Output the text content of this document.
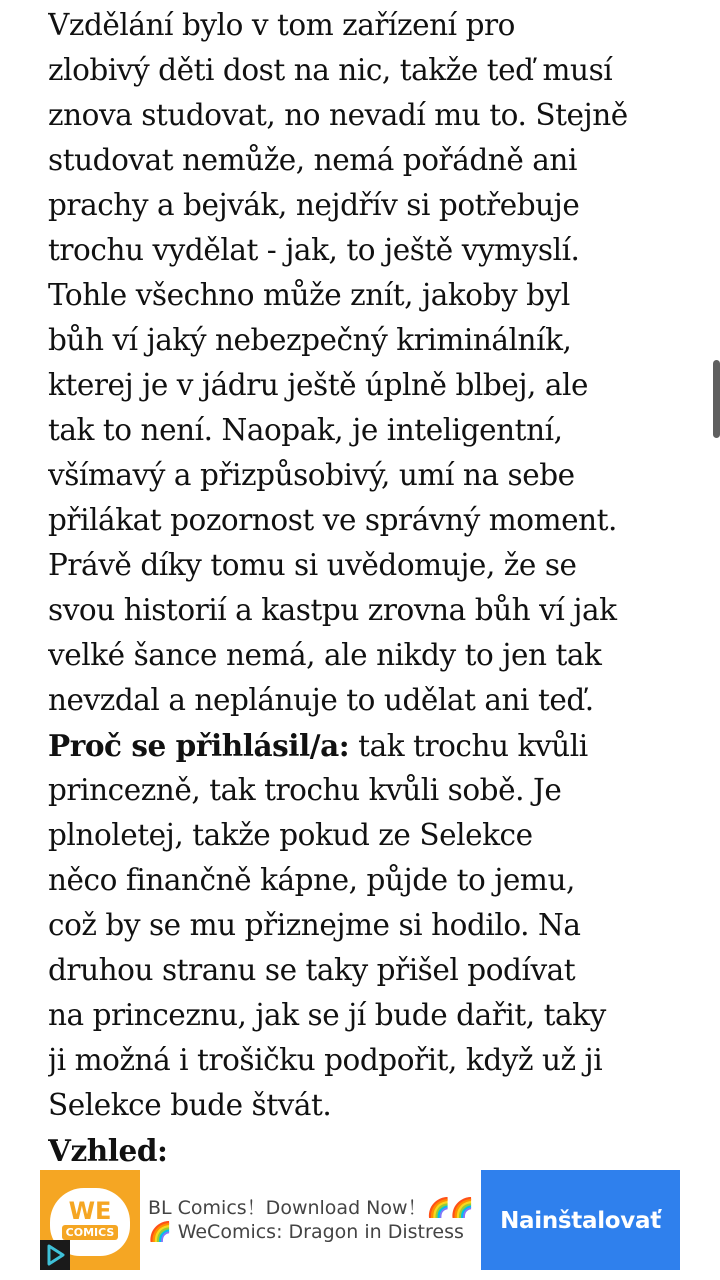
Vzdělání bylo v tom zařízení pro
zlobivý děti dost na nic, takže teď musí
znova studovat, no nevadí mu to. Stejně
studovat nemůže, nemá pořádně ani
prachy a bejvák, nejdřív si potřebuje
trochu vydělat - jak, to ještě vymyslí.
Tohle všechno může znít, jakoby byl
bůh ví jaký nebezpečný kriminálník,
kterej je v jádru ještě úplně blbej, ale
tak to není. Naopak, je inteligentní,
všímavý a přizpůsobivý, umí na sebe
přilákat pozornost ve správný moment.
Právě díky tomu si uvědomuje, že se
svou historií a kastpu zrovna bůh ví jak
velké šance nemá, ale nikdy to jen tak
nevzdal a neplánuje to udělat ani teď.
Proč se přihlásil/a: tak trochu kvůli
princezně, tak trochu kvůli sobě. Je
plnoletej, takže pokud ze Selekce
něco finančně kápne, půjde to jemu,
což by se mu přiznejme si hodilo. Na
druhou stranu se taky přišel podívat
na princeznu, jak se jí bude dařit, taky
ji možná i trošičku podpořit, když už ji
Selekce bude štvát.
Vzhled:
WE
COMICS
BL Comics！Download Now！🌈🌈
🌈 WeComics: Dragon in Distress	Nainštalovať
